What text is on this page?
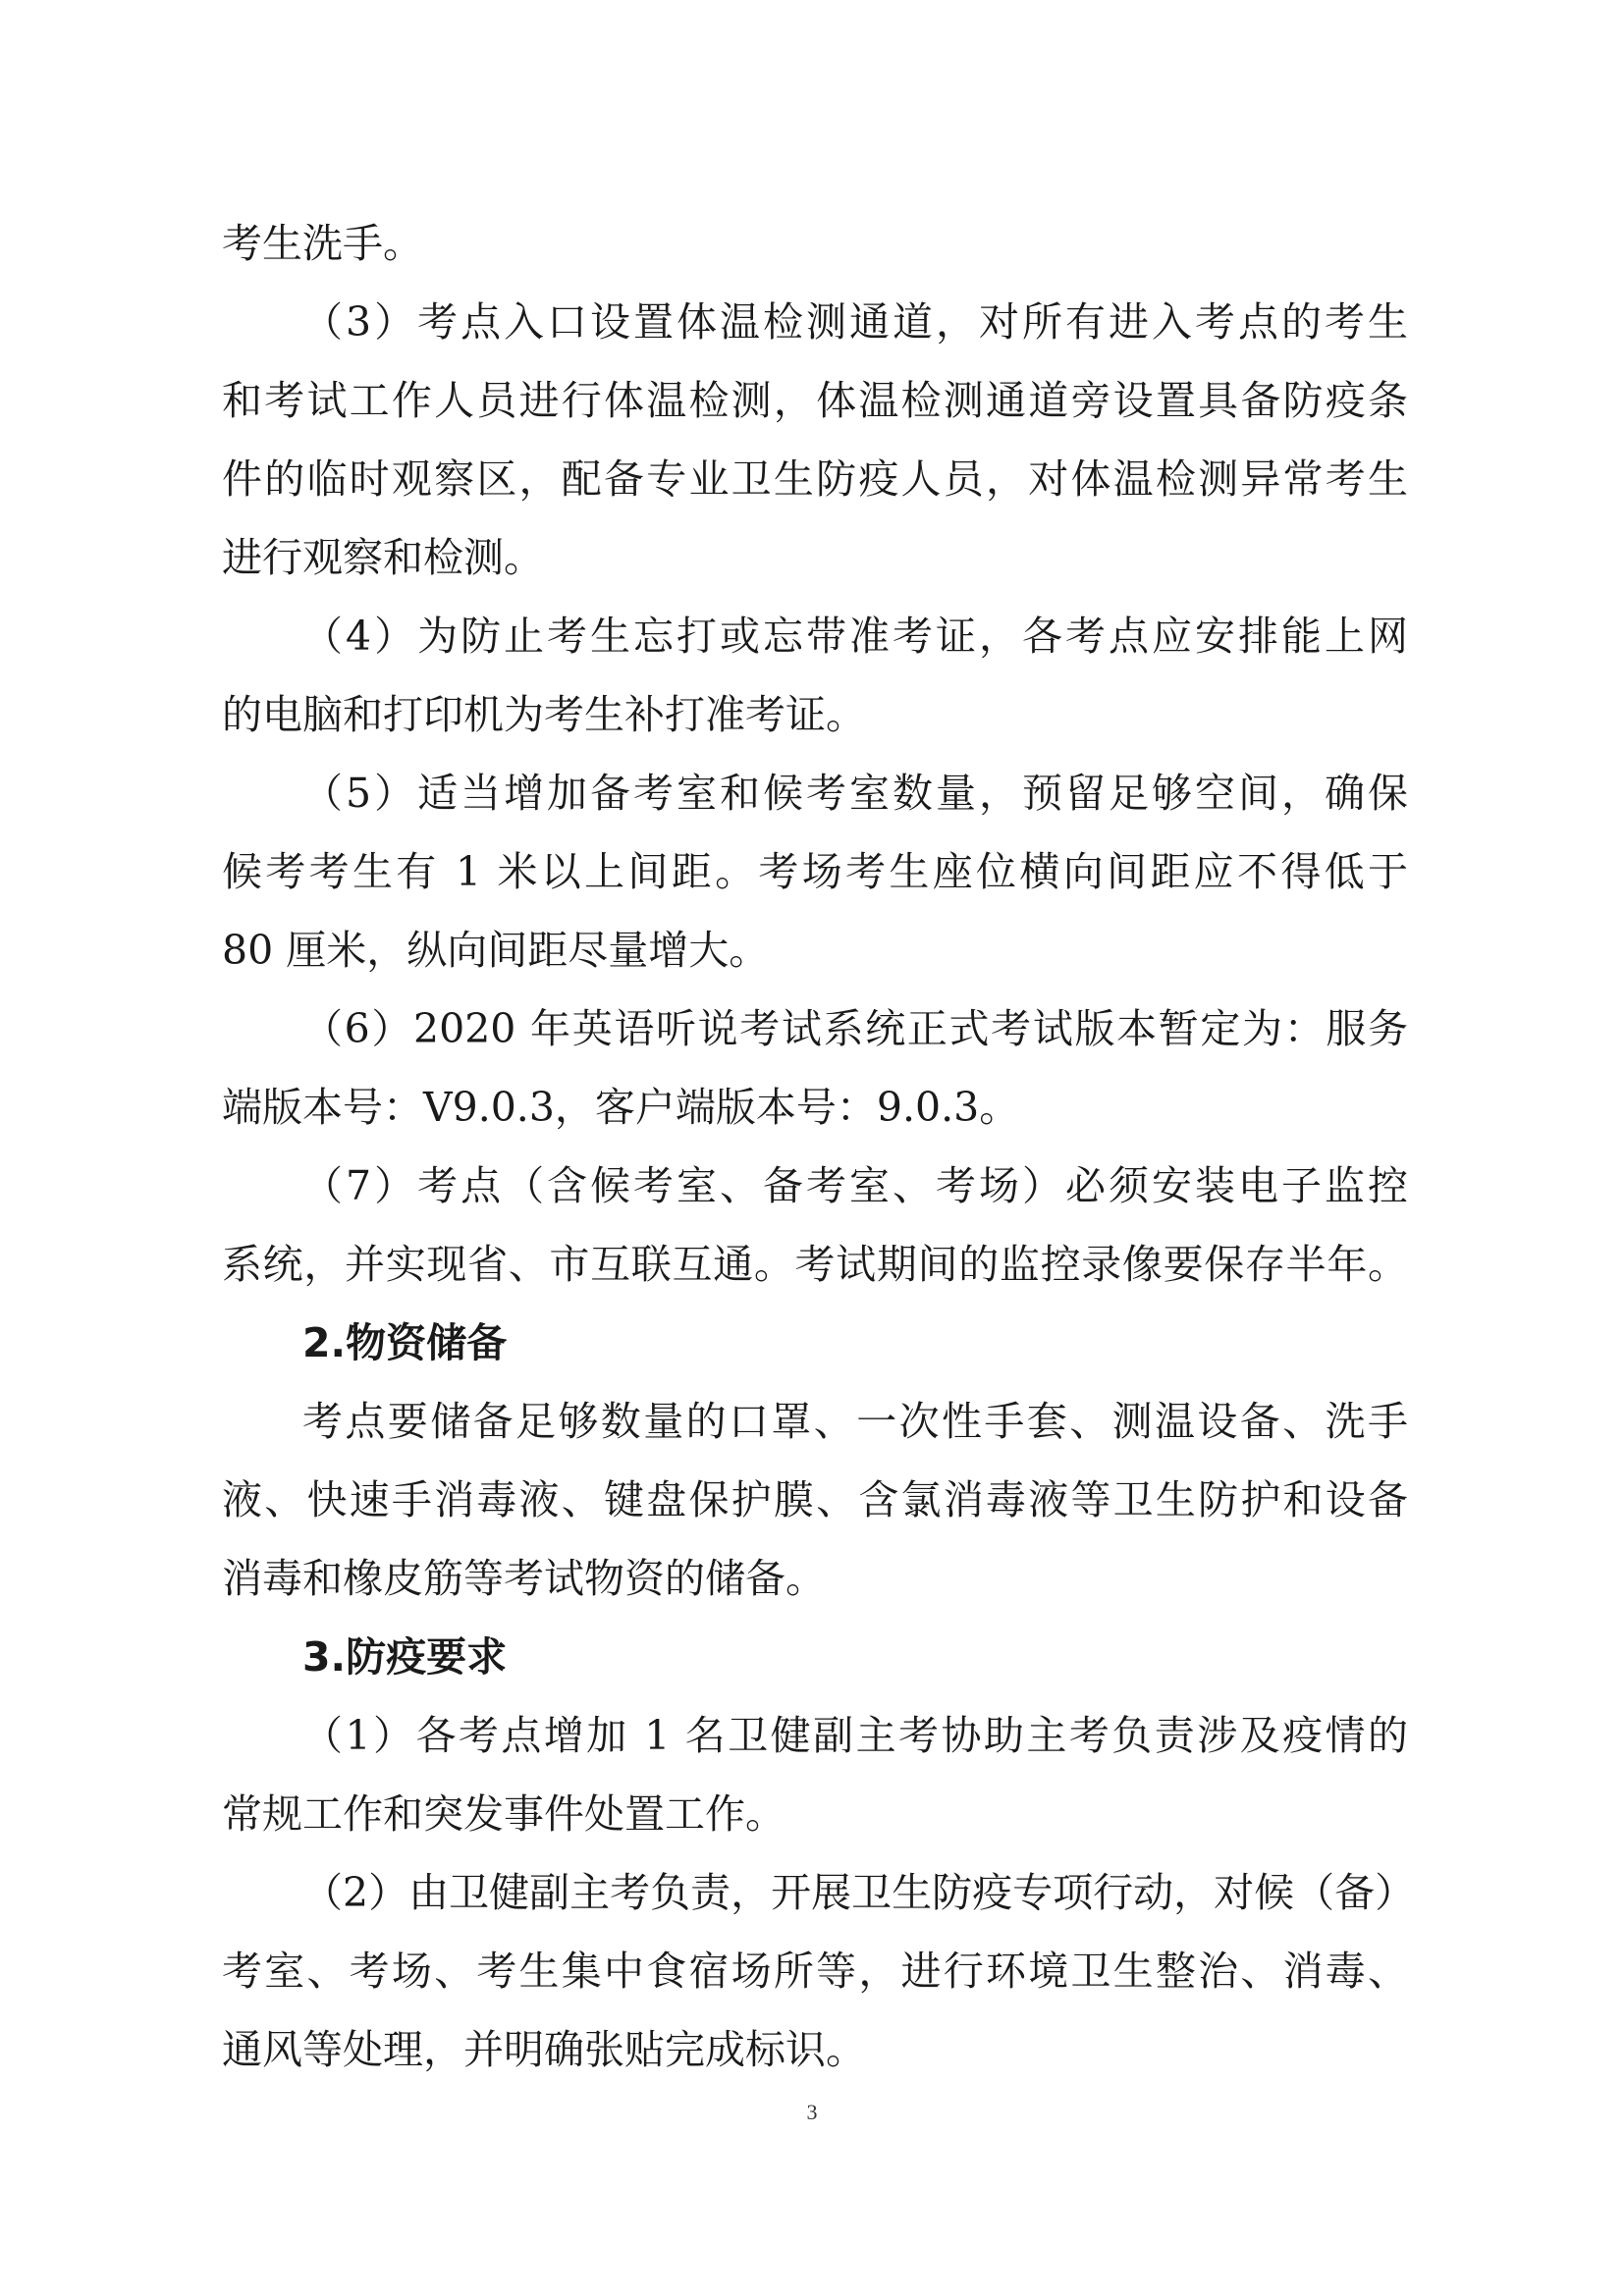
考生洗手。
（3）考点入口设置体温检测通道，对所有进入考点的考生
和考试工作人员进行体温检测，体温检测通道旁设置具备防疫条
件的临时观察区，配备专业卫生防疫人员，对体温检测异常考生
进行观察和检测。
（4）为防止考生忘打或忘带准考证，各考点应安排能上网
的电脑和打印机为考生补打准考证。
（5）适当增加备考室和候考室数量，预留足够空间，确保
候考考生有 1 米以上间距。考场考生座位横向间距应不得低于
80 厘米，纵向间距尽量增大。
（6）2020 年英语听说考试系统正式考试版本暂定为：服务
端版本号：V9.0.3，客户端版本号：9.0.3。
（7）考点（含候考室、备考室、考场）必须安装电子监控
系统，并实现省、市互联互通。考试期间的监控录像要保存半年。
2.物资储备
考点要储备足够数量的口罩、一次性手套、测温设备、洗手
液、快速手消毒液、键盘保护膜、含氯消毒液等卫生防护和设备
消毒和橡皮筋等考试物资的储备。
3.防疫要求
（1）各考点增加 1 名卫健副主考协助主考负责涉及疫情的
常规工作和突发事件处置工作。
（2）由卫健副主考负责，开展卫生防疫专项行动，对候（备）
考室、考场、考生集中食宿场所等，进行环境卫生整治、消毒、
通风等处理，并明确张贴完成标识。
3
